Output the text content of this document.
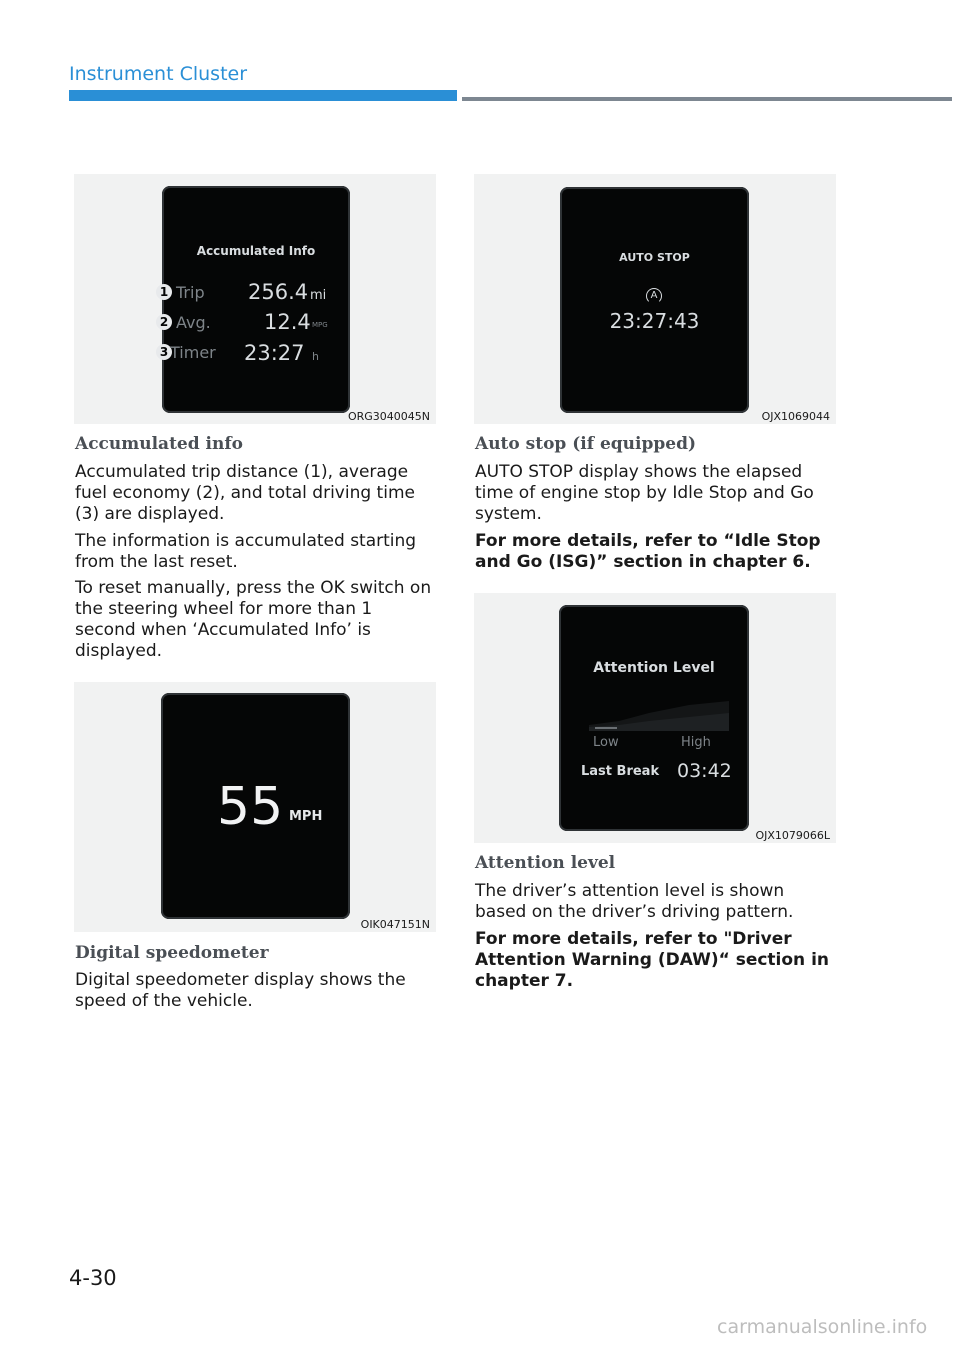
Instrument Cluster
Accumulated Info
1 Trip 256.4 mi
2 Avg.	12.4 MPG
3 Timer 23:27 h
ORG3040045N
Accumulated info

Accumulated trip distance (1), average fuel economy (2), and total driving time (3) are displayed.

The information is accumulated starting from the last reset.

To reset manually, press the OK switch on the steering wheel for more than 1 second when ‘Accumulated Info’ is displayed.

55 MPH
OIK047151N
Digital speedometer

Digital speedometer display shows the speed of the vehicle.

AUTO STOP
A
23:27:43
OJX1069044
Auto stop (if equipped)

AUTO STOP display shows the elapsed time of engine stop by Idle Stop and Go system.

For more details, refer to “Idle Stop and Go (ISG)” section in chapter 6.

Attention Level
Low	High
Last Break 03:42
OJX1079066L
Attention level

The driver’s attention level is shown based on the driver’s driving pattern.

For more details, refer to "Driver Attention Warning (DAW)“ section in chapter 7.

4-30
carmanualsonline.info
